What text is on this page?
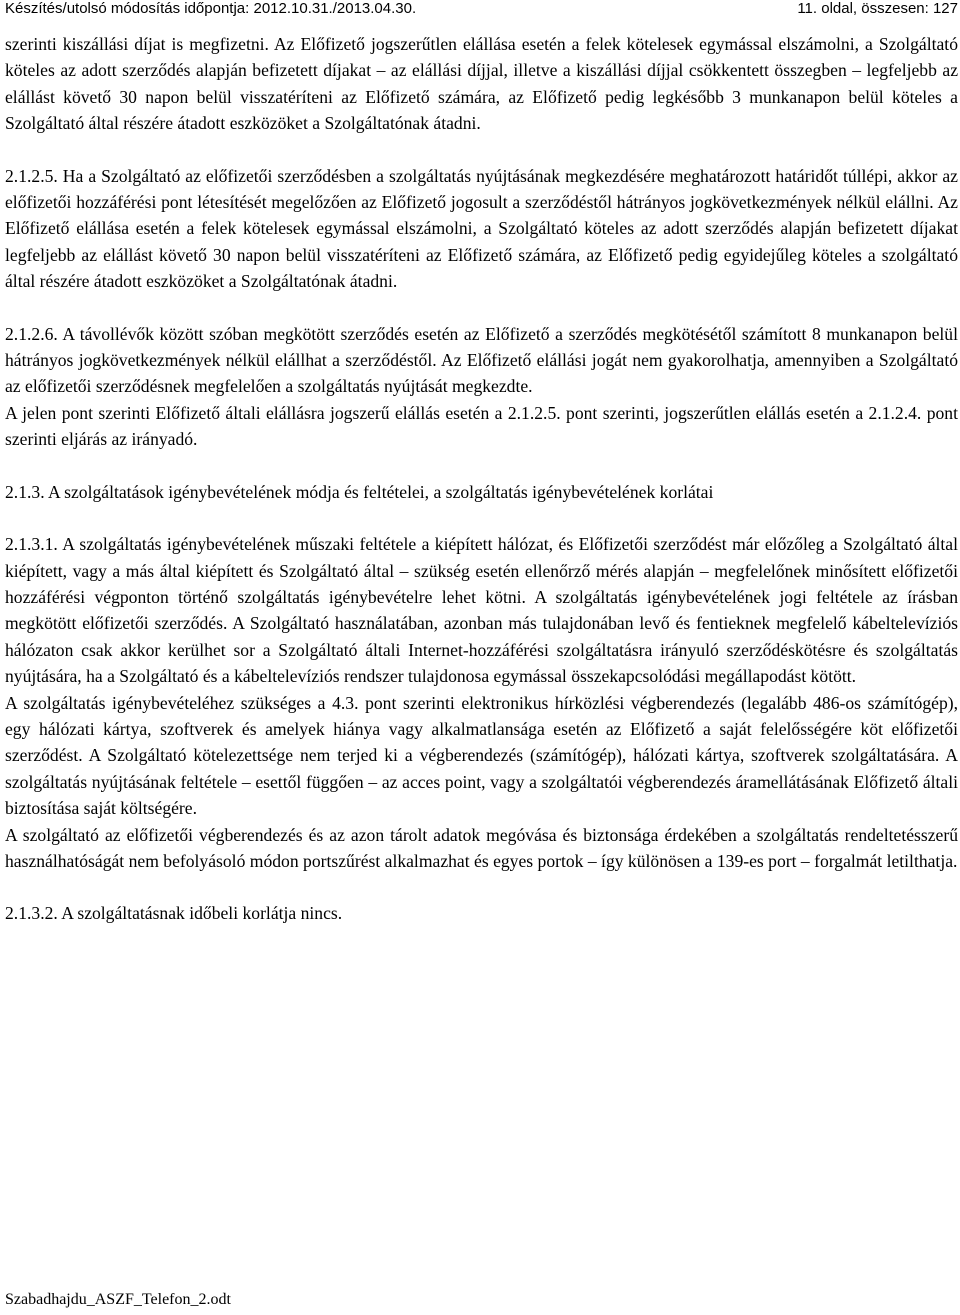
Készítés/utolsó módosítás időpontja: 2012.10.31./2013.04.30.	11. oldal, összesen: 127

szerinti kiszállási díjat is megfizetni. Az Előfizető jogszerűtlen elállása esetén a felek kötelesek egymással elszámolni, a Szolgáltató köteles az adott szerződés alapján befizetett díjakat – az elállási díjjal, illetve a kiszállási díjjal csökkentett összegben – legfeljebb az elállást követő 30 napon belül visszatéríteni az Előfizető számára, az Előfizető pedig legkésőbb 3 munkanapon belül köteles a Szolgáltató által részére átadott eszközöket a Szolgáltatónak átadni.

2.1.2.5. Ha a Szolgáltató az előfizetői szerződésben a szolgáltatás nyújtásának megkezdésére meghatározott határidőt túllépi, akkor az előfizetői hozzáférési pont létesítését megelőzően az Előfizető jogosult a szerződéstől hátrányos jogkövetkezmények nélkül elállni. Az Előfizető elállása esetén a felek kötelesek egymással elszámolni, a Szolgáltató köteles az adott szerződés alapján befizetett díjakat legfeljebb az elállást követő 30 napon belül visszatéríteni az Előfizető számára, az Előfizető pedig egyidejűleg köteles a szolgáltató által részére átadott eszközöket a Szolgáltatónak átadni.

2.1.2.6. A távollévők között szóban megkötött szerződés esetén az Előfizető a szerződés megkötésétől számított 8 munkanapon belül hátrányos jogkövetkezmények nélkül elállhat a szerződéstől. Az Előfizető elállási jogát nem gyakorolhatja, amennyiben a Szolgáltató az előfizetői szerződésnek megfelelően a szolgáltatás nyújtását megkezdte.

A jelen pont szerinti Előfizető általi elállásra jogszerű elállás esetén a 2.1.2.5. pont szerinti, jogszerűtlen elállás esetén a 2.1.2.4. pont szerinti eljárás az irányadó.

2.1.3. A szolgáltatások igénybevételének módja és feltételei, a szolgáltatás igénybevételének korlátai

2.1.3.1. A szolgáltatás igénybevételének műszaki feltétele a kiépített hálózat, és Előfizetői szerződést már előzőleg a Szolgáltató által kiépített, vagy a más által kiépített és Szolgáltató által – szükség esetén ellenőrző mérés alapján – megfelelőnek minősített előfizetői hozzáférési végponton történő szolgáltatás igénybevételre lehet kötni. A szolgáltatás igénybevételének jogi feltétele az írásban megkötött előfizetői szerződés. A Szolgáltató használatában, azonban más tulajdonában levő és fentieknek megfelelő kábeltelevíziós hálózaton csak akkor kerülhet sor a Szolgáltató általi Internet-hozzáférési szolgáltatásra irányuló szerződéskötésre és szolgáltatás nyújtására, ha a Szolgáltató és a kábeltelevíziós rendszer tulajdonosa egymással összekapcsolódási megállapodást kötött.

A szolgáltatás igénybevételéhez szükséges a 4.3. pont szerinti elektronikus hírközlési végberendezés (legalább 486-os számítógép), egy hálózati kártya, szoftverek és amelyek hiánya vagy alkalmatlansága esetén az Előfizető a saját felelősségére köt előfizetői szerződést. A Szolgáltató kötelezettsége nem terjed ki a végberendezés (számítógép), hálózati kártya, szoftverek szolgáltatására. A szolgáltatás nyújtásának feltétele – esettől függően – az acces point, vagy a szolgáltatói végberendezés áramellátásának Előfizető általi biztosítása saját költségére.

A szolgáltató az előfizetői végberendezés és az azon tárolt adatok megóvása és biztonsága érdekében a szolgáltatás rendeltetésszerű használhatóságát nem befolyásoló módon portszűrést alkalmazhat és egyes portok – így különösen a 139-es port – forgalmát letilthatja.

2.1.3.2. A szolgáltatásnak időbeli korlátja nincs.

Szabadhajdu_ASZF_Telefon_2.odt
